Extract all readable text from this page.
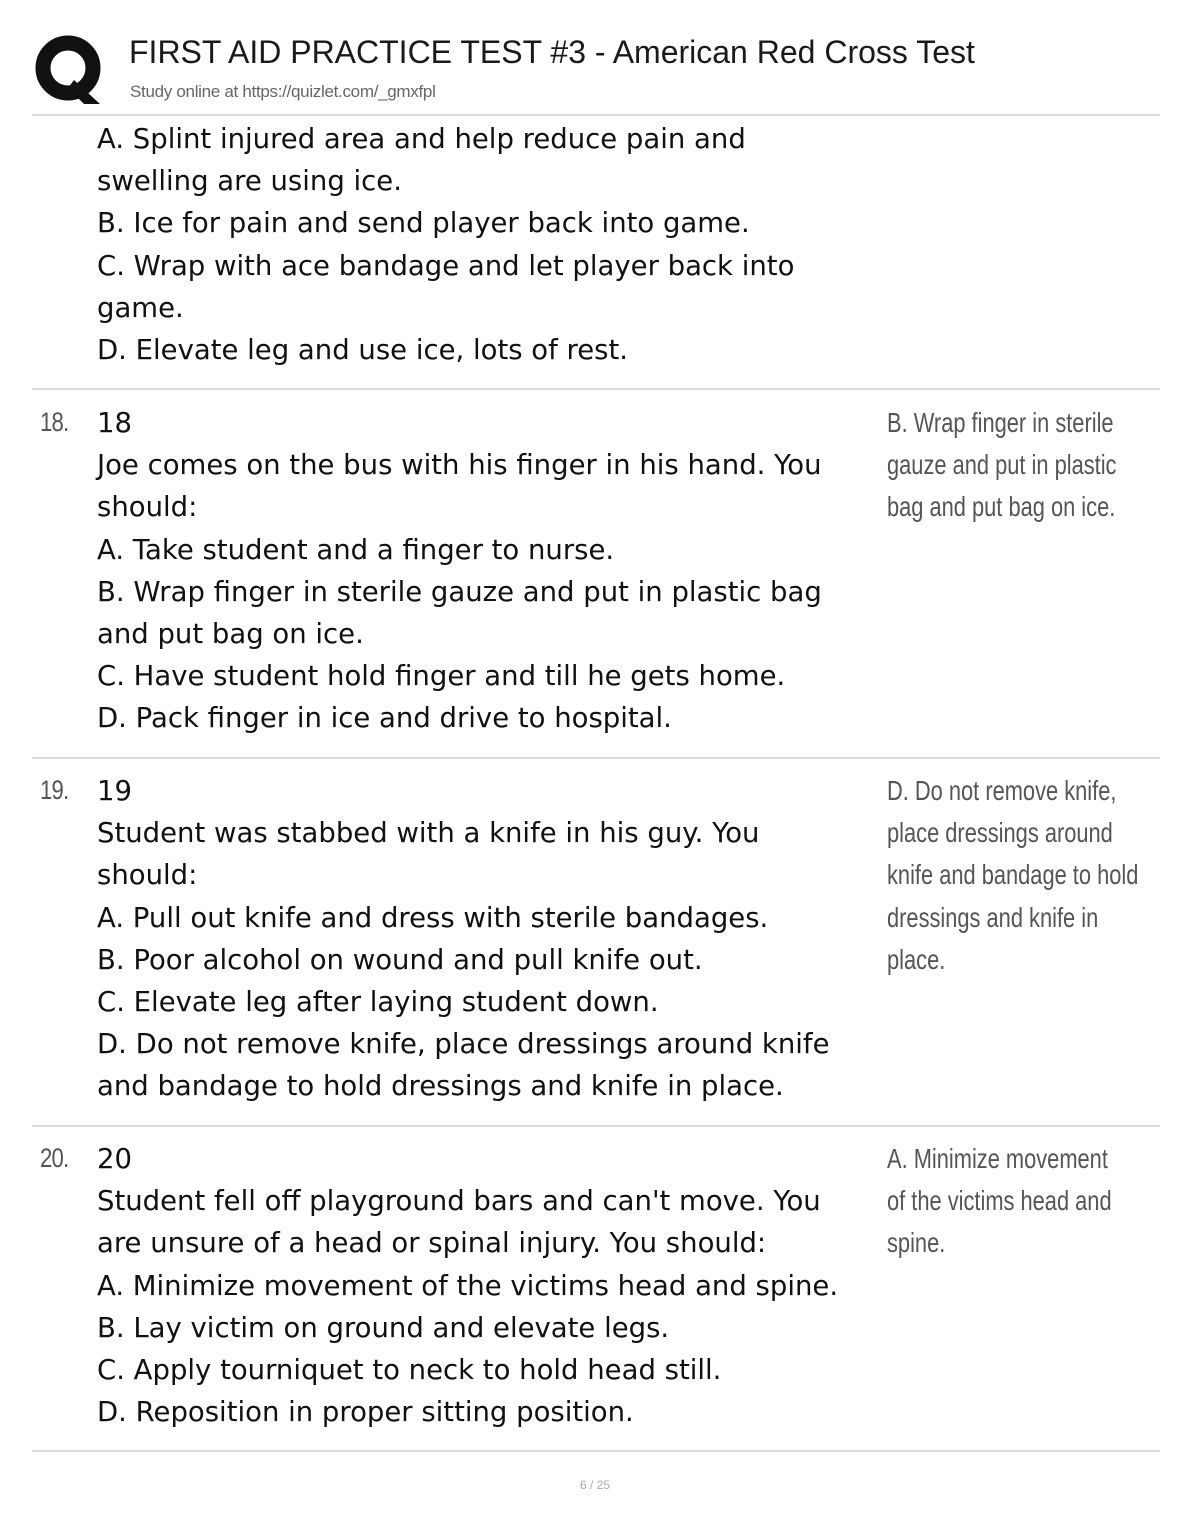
FIRST AID PRACTICE TEST #3 - American Red Cross Test
Study online at https://quizlet.com/_gmxfpl
A. Splint injured area and help reduce pain and
swelling are using ice.
B. Ice for pain and send player back into game.
C. Wrap with ace bandage and let player back into
game.
D. Elevate leg and use ice, lots of rest.
18. 18
Joe comes on the bus with his finger in his hand. You
should:
A. Take student and a finger to nurse.
B. Wrap finger in sterile gauze and put in plastic bag
and put bag on ice.
C. Have student hold finger and till he gets home.
D. Pack finger in ice and drive to hospital.
B. Wrap finger in sterile
gauze and put in plastic
bag and put bag on ice.
19. 19
Student was stabbed with a knife in his guy. You
should:
A. Pull out knife and dress with sterile bandages.
B. Poor alcohol on wound and pull knife out.
C. Elevate leg after laying student down.
D. Do not remove knife, place dressings around knife
and bandage to hold dressings and knife in place.
D. Do not remove knife,
place dressings around
knife and bandage to hold
dressings and knife in
place.
20. 20
Student fell off playground bars and can't move. You
are unsure of a head or spinal injury. You should:
A. Minimize movement of the victims head and spine.
B. Lay victim on ground and elevate legs.
C. Apply tourniquet to neck to hold head still.
D. Reposition in proper sitting position.
A. Minimize movement
of the victims head and
spine.
6 / 25
